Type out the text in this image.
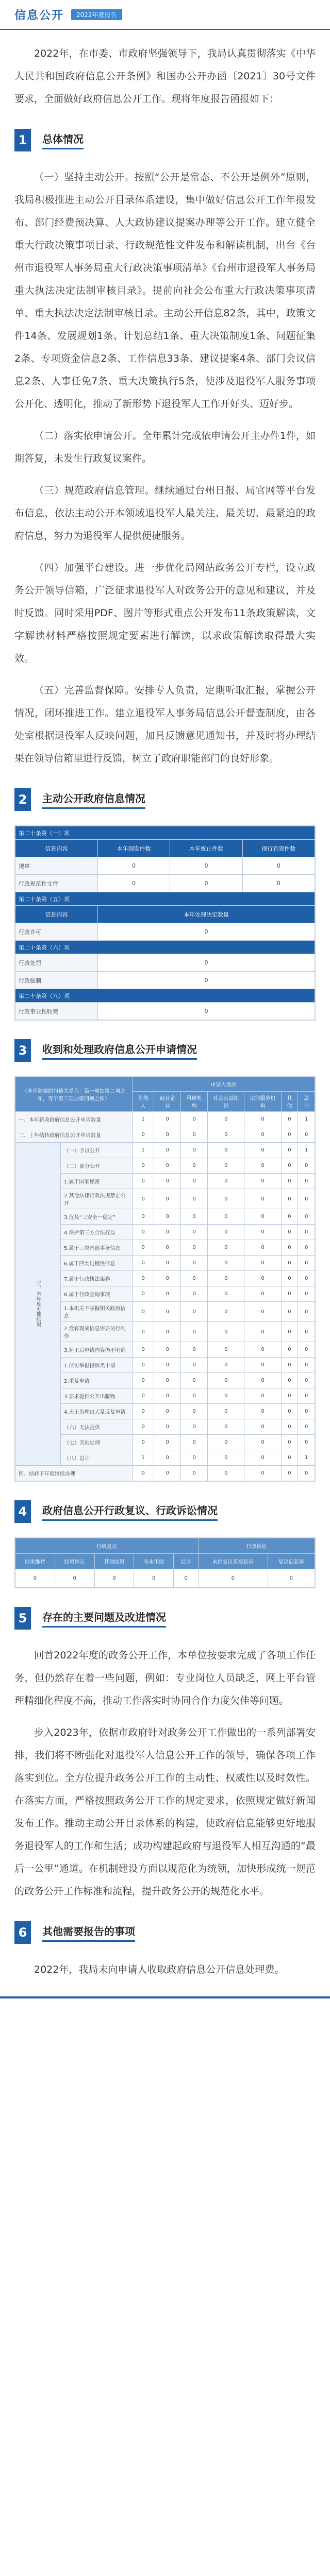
信息公开	2022年度报告

2022年，在市委、市政府坚强领导下，我局认真贯彻落实《中华人民共和国政府信息公开条例》和国办公开办函〔2021〕30号文件要求，全面做好政府信息公开工作。现将年度报告函报如下：

1	总体情况

（一）坚持主动公开。按照“公开是常态、不公开是例外”原则，我局积极推进主动公开目录体系建设，集中做好信息公开工作年报发布、部门经费预决算、人大政协建议提案办理等公开工作。建立健全重大行政决策事项目录、行政规范性文件发布和解读机制，出台《台州市退役军人事务局重大行政决策事项清单》《台州市退役军人事务局重大执法决定法制审核目录》。提前向社会公布重大行政决策事项清单、重大执法决定法制审核目录。主动公开信息82条，其中，政策文件14条、发展规划1条、计划总结1条、重大决策制度1条、问题征集2条、专项资金信息2条、工作信息33条、建议提案4条、部门会议信息2条、人事任免7条、重大决策执行5条，使涉及退役军人服务事项公开化、透明化，推动了新形势下退役军人工作开好头、迈好步。

（二）落实依申请公开。全年累计完成依申请公开主办件1件，如期答复，未发生行政复议案件。

（三）规范政府信息管理。继续通过台州日报、局官网等平台发布信息，依法主动公开本领域退役军人最关注、最关切、最紧迫的政府信息，努力为退役军人提供便捷服务。

（四）加强平台建设。进一步优化局网站政务公开专栏，设立政务公开领导信箱，广泛征求退役军人对政务公开的意见和建议，并及时反馈。同时采用PDF、图片等形式重点公开发布11条政策解读，文字解读材料严格按照规定要素进行解读，以求政策解读取得最大实效。

（五）完善监督保障。安排专人负责，定期听取汇报，掌握公开情况，闭环推进工作。建立退役军人事务局信息公开督查制度，由各处室根据退役军人反映问题，加具反馈意见通知书，并及时将办理结果在领导信箱里进行反馈，树立了政府职能部门的良好形象。

2	主动公开政府信息情况
第二十条第（一）项			
信息内容	本年制发件数	本年废止件数	现行有效件数
规章	0	0	0
行政规范性文件	0	0	0
第二十条第（五）项			
信息内容	本年处理决定数量		
行政许可	0		
第二十条第（六）项			
行政处罚	0		
行政强制	0		
第二十条第（八）项			
行政事业性收费	0		
3	收到和处理政府信息公开申请情况
（本列数据的勾稽关系为：第一项加第二项之和，等于第三项加第四项之和）		申请人情况						
		自然人	商业企业	科研机构	社会公益组织	法律服务机构	其他	总计
一、本年新收政府信息公开申请数量		1	0	0	0	0	0	1
二、上年结转政府信息公开申请数量		0	0	0	0	0	0	0
三、本年度办理结果	（一）予以公开	1	0	0	0	0	0	1
	（二）部分公开	0	0	0	0	0	0	0
	1.属于国家秘密	0	0	0	0	0	0	0
	2.其他法律行政法规禁止公开	0	0	0	0	0	0	0
	3.危及“三安全一稳定”	0	0	0	0	0	0	0
	4.保护第三方合法权益	0	0	0	0	0	0	0
	5.属于三类内部事务信息	0	0	0	0	0	0	0
	6.属于四类过程性信息	0	0	0	0	0	0	0
	7.属于行政执法案卷	0	0	0	0	0	0	0
	8.属于行政查询事项	0	0	0	0	0	0	0
	1.本机关不掌握相关政府信息	0	0	0	0	0	0	0
	2.没有现成信息需要另行制作	0	0	0	0	0	0	0
	3.补正后申请内容仍不明确	0	0	0	0	0	0	0
	1.信访举报投诉类申请	0	0	0	0	0	0	0
	2.重复申请	0	0	0	0	0	0	0
	3.要求提供公开出版物	0	0	0	0	0	0	0
	4.无正当理由大量反复申请	0	0	0	0	0	0	0
	（六）无法提供	0	0	0	0	0	0	0
	（七）其他处理	0	0	0	0	0	0	0
	（八）总计	1	0	0	0	0	0	1
四、结转下年度继续办理		0	0	0	0	0	0	0
4	政府信息公开行政复议、行政诉讼情况
行政复议					行政诉讼	
结果维持	结果纠正	其他结果	尚未审结	总计	未经复议直接起诉	复议后起诉
0	0	0	0	0	0	0
5	存在的主要问题及改进情况

回首2022年度的政务公开工作，本单位按要求完成了各项工作任务，但仍然存在着一些问题，例如：专业岗位人员缺乏，网上平台管理精细化程度不高，推动工作落实时协同合作力度欠佳等问题。

步入2023年，依据市政府针对政务公开工作做出的一系列部署安排，我们将不断强化对退役军人信息公开工作的领导，确保各项工作落实到位。全方位提升政务公开工作的主动性、权威性以及时效性。在落实方面，严格按照政务公开工作的规定要求，依照规定做好新闻发布工作。推动主动公开目录体系的构建，使政府信息能够更好地服务退役军人的工作和生活；成功构建起政府与退役军人相互沟通的“最后一公里”通道。在机制建设方面以规范化为统领，加快形成统一规范的政务公开工作标准和流程，提升政务公开的规范化水平。

6	其他需要报告的事项

2022年，我局未向申请人收取政府信息公开信息处理费。
